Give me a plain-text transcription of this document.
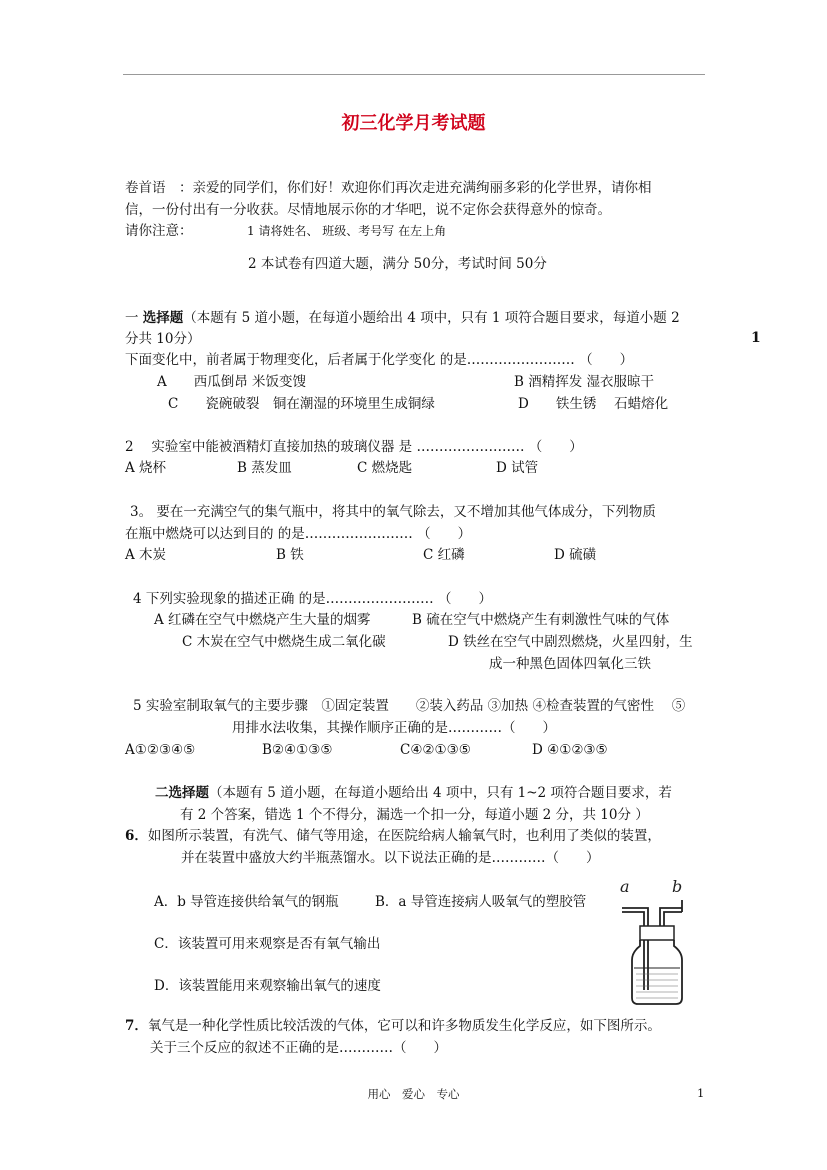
初三化学月考试题
卷首语　：亲爱的同学们，你们好！欢迎你们再次走进充满绚丽多彩的化学世界，请你相
信，一份付出有一分收获。尽情地展示你的才华吧，说不定你会获得意外的惊奇。
请你注意：	1 请将姓名、 班级、考号写 在左上角
2 本试卷有四道大题，满分 50分，考试时间 50分
1
一 选择题（本题有 5 道小题，在每道小题给出 4 项中，只有 1 项符合题目要求，每道小题 2
分共 10分）
下面变化中，前者属于物理变化，后者属于化学变化 的是…………………… （　　）
A　　西瓜倒昂 米饭变馊	B 酒精挥发 湿衣服晾干
C　　瓷碗破裂　铜在潮湿的环境里生成铜绿	D　　铁生锈　 石蜡熔化
2　 实验室中能被酒精灯直接加热的玻璃仪器 是 …………………… （　　）
A 烧杯	B 蒸发皿	C 燃烧匙	D 试管
3。 要在一充满空气的集气瓶中，将其中的氧气除去，又不增加其他气体成分，下列物质
在瓶中燃烧可以达到目的 的是…………………… （　　）
A 木炭	B 铁	C 红磷	D 硫磺
4 下列实验现象的描述正确 的是…………………… （　　）
A 红磷在空气中燃烧产生大量的烟雾	B 硫在空气中燃烧产生有刺激性气味的气体
C 木炭在空气中燃烧生成二氧化碳	D 铁丝在空气中剧烈燃烧，火星四射，生
成一种黑色固体四氧化三铁
5 实验室制取氧气的主要步骤　①固定装置　　②装入药品 ③加热 ④检查装置的气密性　 ⑤
用排水法收集，其操作顺序正确的是…………（　　）
A①②③④⑤	B②④①③⑤	C④②①③⑤	D ④①②③⑤
二选择题（本题有 5 道小题，在每道小题给出 4 项中，只有 1~2 项符合题目要求，若
有 2 个答案，错选 1 个不得分，漏选一个扣一分，每道小题 2 分，共 10分 ）
6．如图所示装置，有洗气、储气等用途，在医院给病人输氧气时，也利用了类似的装置，
并在装置中盛放大约半瓶蒸馏水。以下说法正确的是…………（　　）
A．b 导管连接供给氧气的钢瓶	B．a 导管连接病人吸氧气的塑胶管
C．该装置可用来观察是否有氧气输出
D．该装置能用来观察输出氧气的速度
a	b
7．氧气是一种化学性质比较活泼的气体，它可以和许多物质发生化学反应，如下图所示。
关于三个反应的叙述不正确的是…………（　　）
用心　爱心　专心	1
